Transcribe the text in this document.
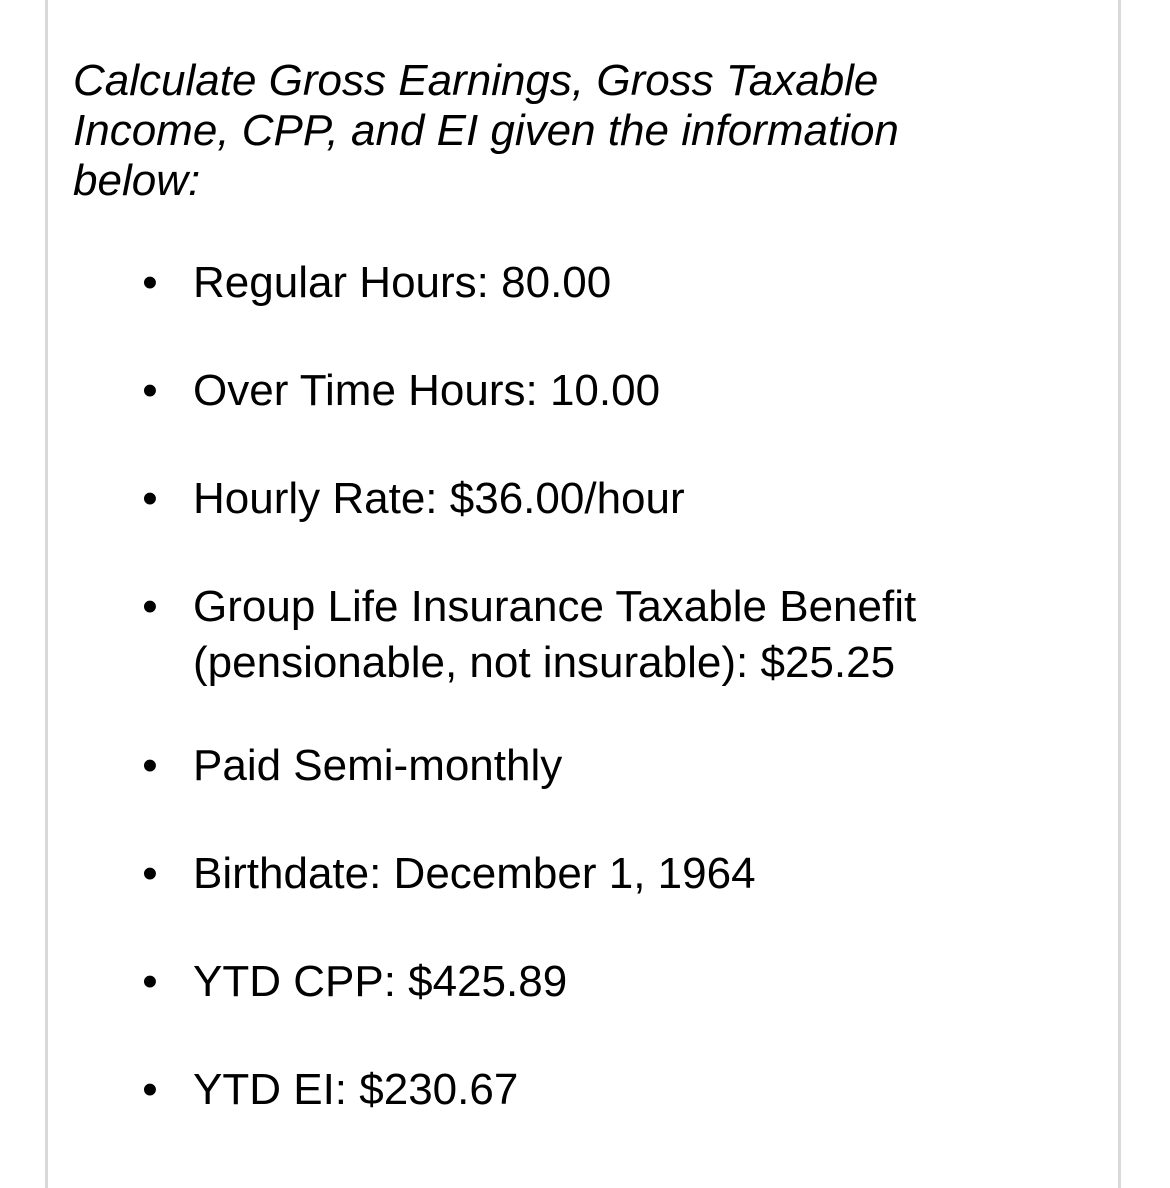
Calculate Gross Earnings, Gross Taxable Income, CPP, and EI given the information below:

• Regular Hours: 80.00
• Over Time Hours: 10.00
• Hourly Rate: $36.00/hour
• Group Life Insurance Taxable Benefit (pensionable, not insurable): $25.25
• Paid Semi-monthly
• Birthdate: December 1, 1964
• YTD CPP: $425.89
• YTD EI: $230.67
